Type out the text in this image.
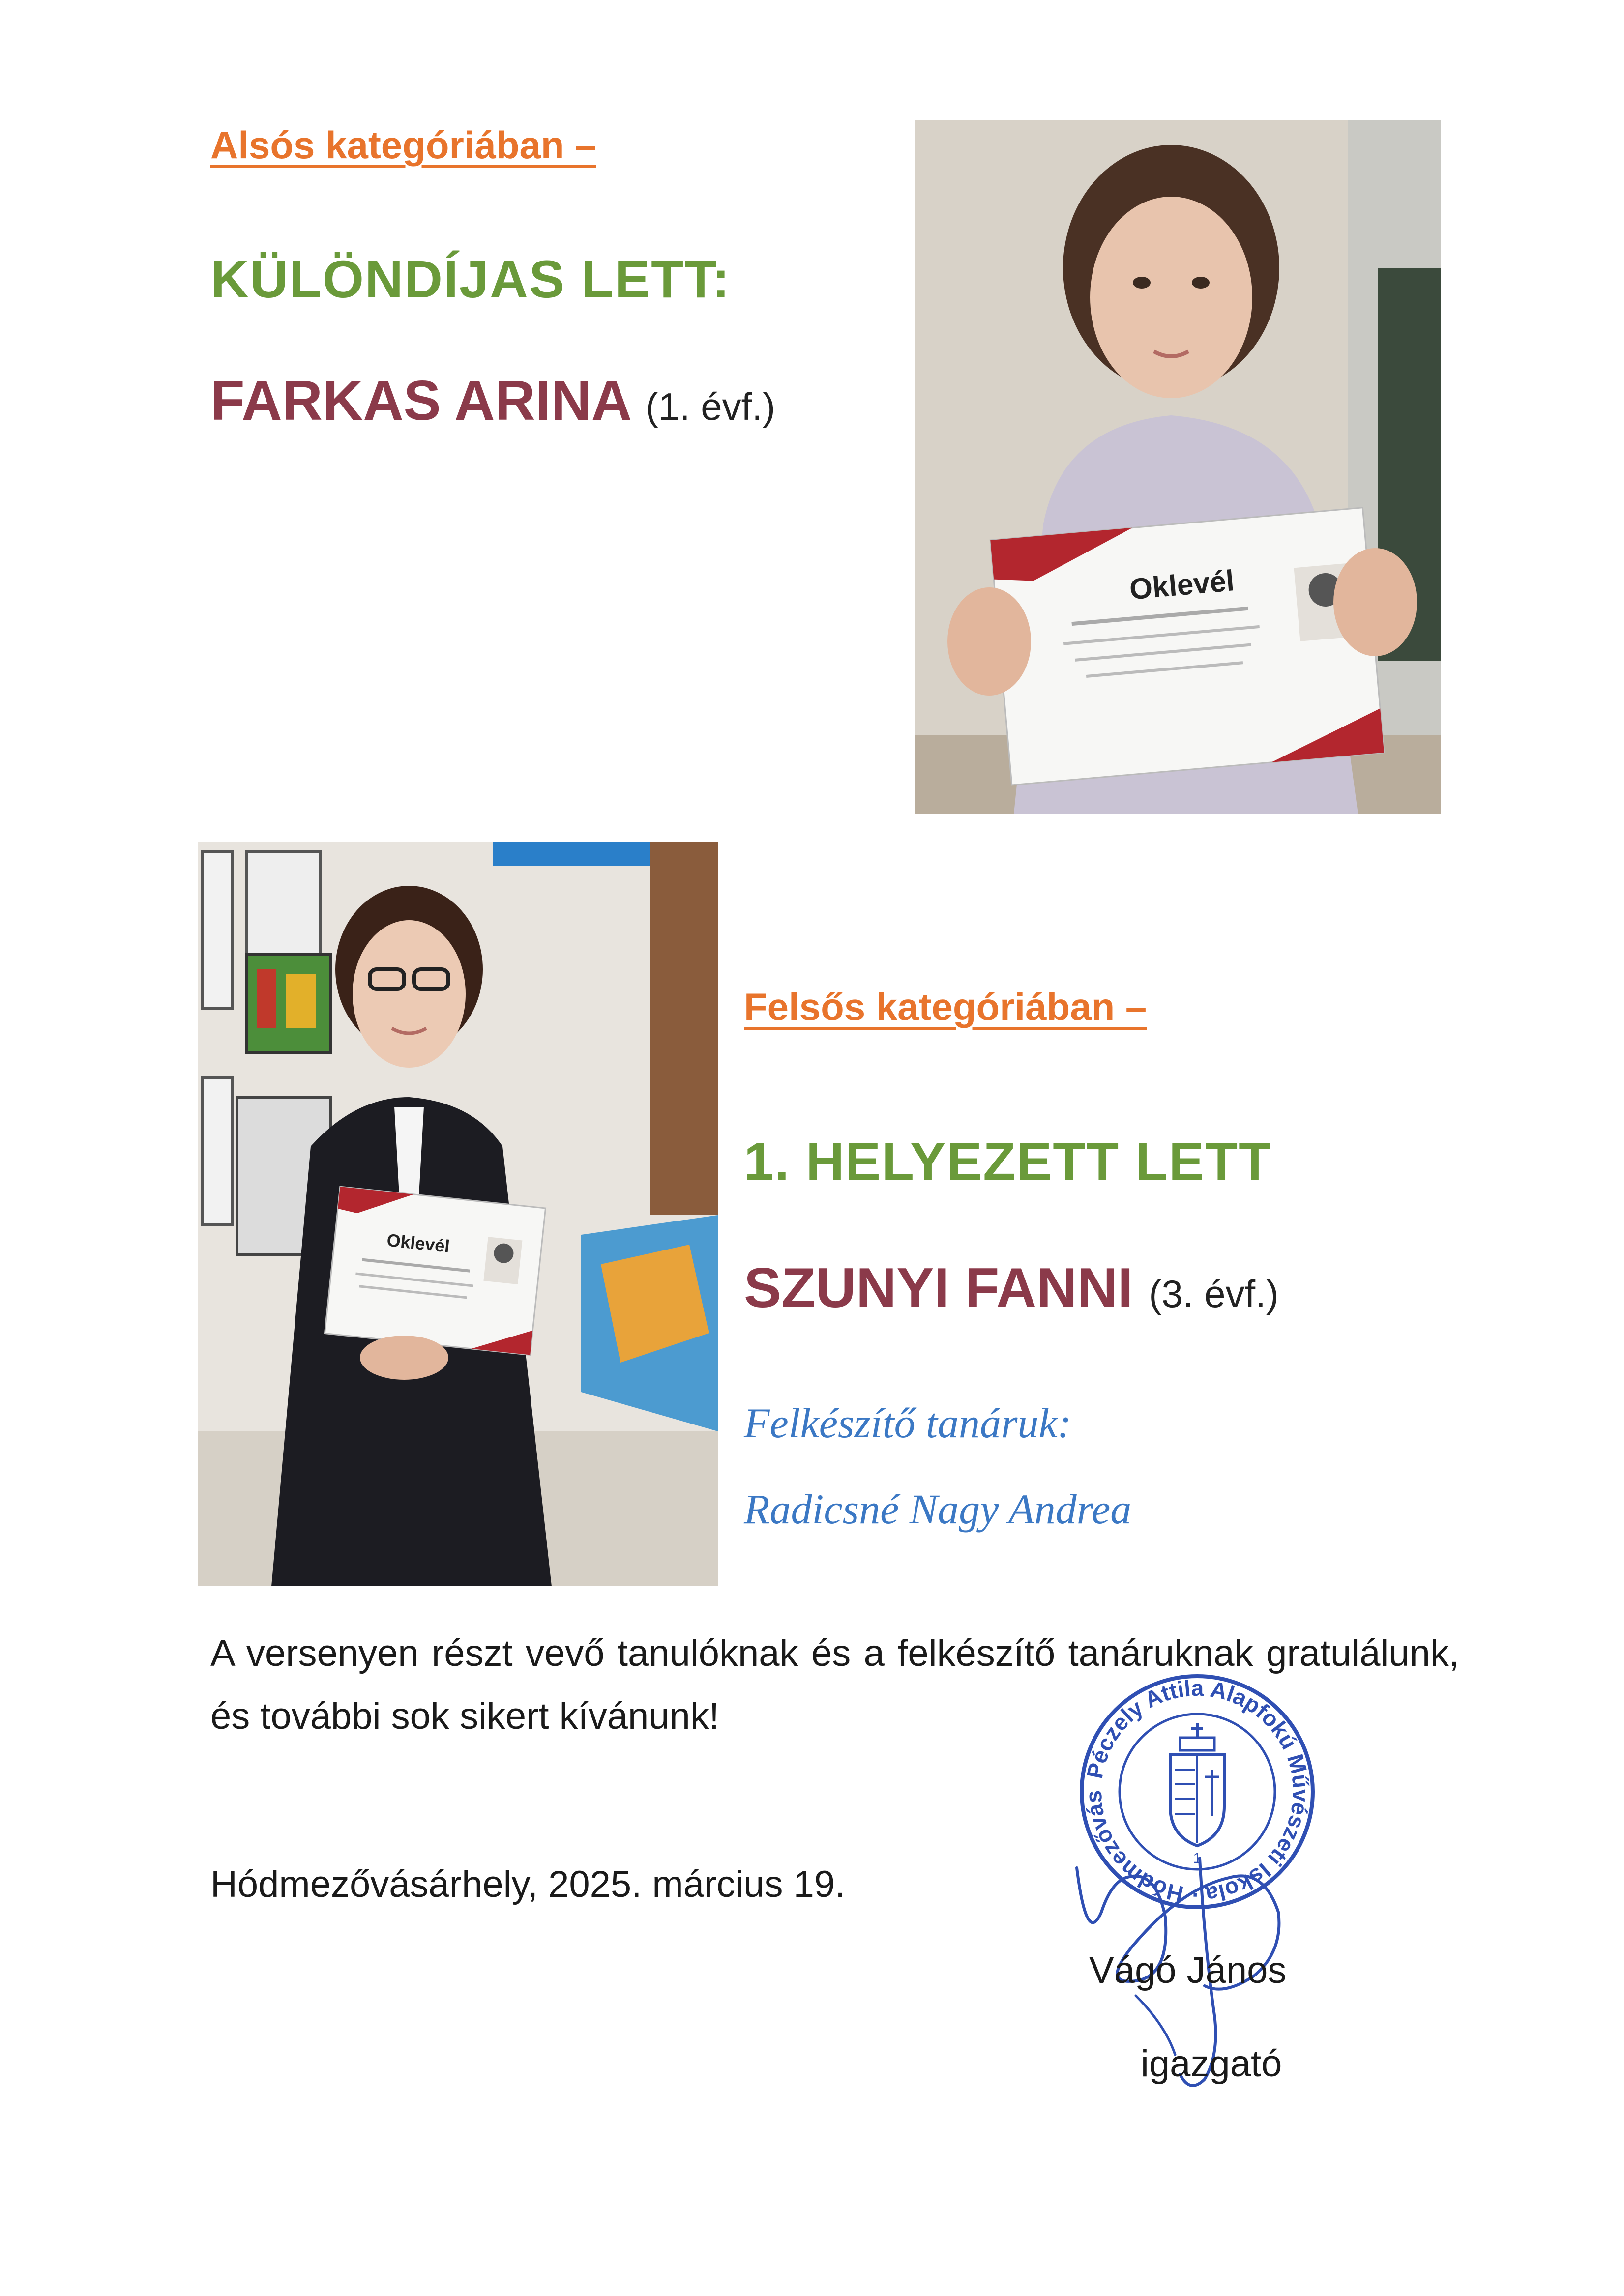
Alsós kategóriában –
KÜLÖNDÍJAS LETT:
FARKAS ARINA (1. évf.)
Oklevél
Oklevél
Felsős kategóriában –
1. HELYEZETT LETT
SZUNYI FANNI (3. évf.)
Felkészítő tanáruk:
Radicsné Nagy Andrea
A versenyen részt vevő tanulóknak és a felkészítő tanáruknak gratulálunk, és további sok sikert kívánunk!
Hódmezővásárhely, 2025. március 19.
Péczely Attila Alapfokú Művészeti Iskola · Hódmezővás
1
Vágó János
igazgató
